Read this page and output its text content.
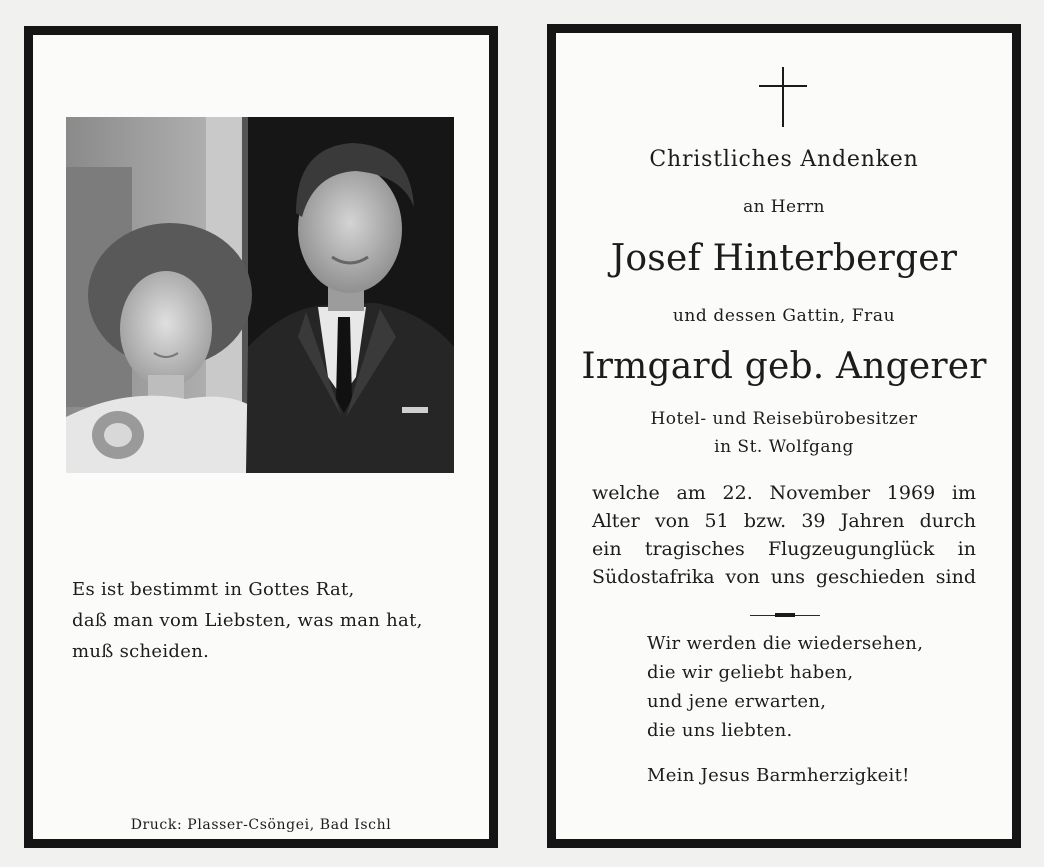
Es ist bestimmt in Gottes Rat,
daß man vom Liebsten, was man hat,
muß scheiden.
Druck: Plasser-Csöngei, Bad Ischl
Christliches Andenken
an Herrn
Josef Hinterberger
und dessen Gattin, Frau
Irmgard geb. Angerer
Hotel- und Reisebürobesitzer
in St. Wolfgang
welche am 22. November 1969 im
Alter von 51 bzw. 39 Jahren durch
ein tragisches Flugzeugunglück in
Südostafrika von uns geschieden sind
Wir werden die wiedersehen,
die wir geliebt haben,
und jene erwarten,
die uns liebten.
Mein Jesus Barmherzigkeit!
